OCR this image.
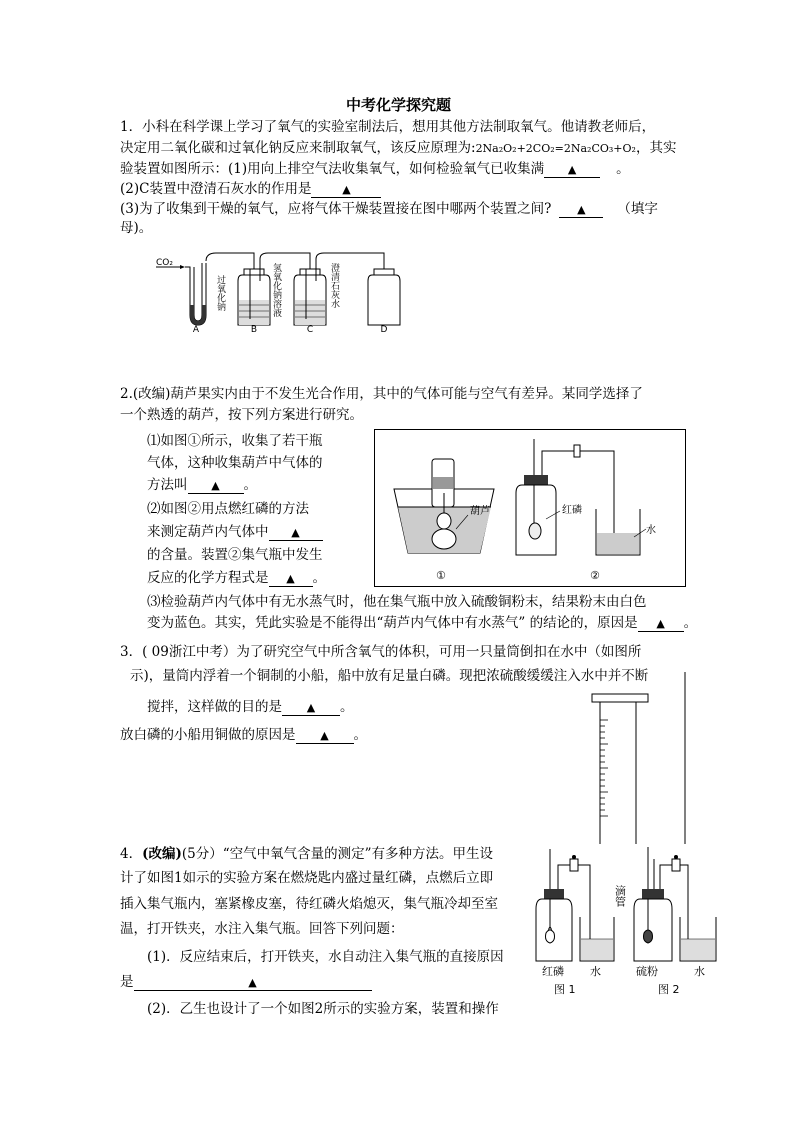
中考化学探究题
1．小科在科学课上学习了氧气的实验室制法后，想用其他方法制取氧气。他请教老师后，
决定用二氧化碳和过氧化钠反应来制取氧气，该反应原理为:2Na₂O₂+2CO₂=2Na₂CO₃+O₂，其实
验装置如图所示：(1)用向上排空气法收集氧气，如何检验氧气已收集满 ▲	。
(2)C装置中澄清石灰水的作用是	▲
(3)为了收集到干燥的氧气，应将气体干燥装置接在图中哪两个装置之间? ▲ （填字
母)。
CO₂
过氧化钠	氢氧化钠溶液	澄清石灰水
A	B	C	D
2.(改编)葫芦果实内由于不发生光合作用，其中的气体可能与空气有差异。某同学选择了
一个熟透的葫芦，按下列方案进行研究。
⑴如图①所示，收集了若干瓶
气体，这种收集葫芦中气体的
方法叫 ▲ 。
⑵如图②用点燃红磷的方法
来测定葫芦内气体中 ▲
的含量。装置②集气瓶中发生
反应的化学方程式是 ▲ 。
⑶检验葫芦内气体中有无水蒸气时，他在集气瓶中放入硫酸铜粉末，结果粉末由白色
变为蓝色。其实，凭此实验是不能得出“葫芦内气体中有水蒸气” 的结论的，原因是 ▲ 。
葫芦	红磷
水
①	②
3．( 09浙江中考）为了研究空气中所含氧气的体积，可用一只量筒倒扣在水中（如图所
示)，量筒内浮着一个铜制的小船，船中放有足量白磷。现把浓硫酸缓缓注入水中并不断
搅拌，这样做的目的是 ▲ 。
放白磷的小船用铜做的原因是 ▲ 。
4．(改编)(5分）“空气中氧气含量的测定”有多种方法。甲生设
计了如图1如示的实验方案在燃烧匙内盛过量红磷，点燃后立即
插入集气瓶内，塞紧橡皮塞，待红磷火焰熄灭，集气瓶冷却至室
温，打开铁夹，水注入集气瓶。回答下列问题：
(1)．反应结束后，打开铁夹，水自动注入集气瓶的直接原因
是	▲
(2)．乙生也设计了一个如图2所示的实验方案，装置和操作
红磷 水
图 1
滴管
硫粉	水
图 2
